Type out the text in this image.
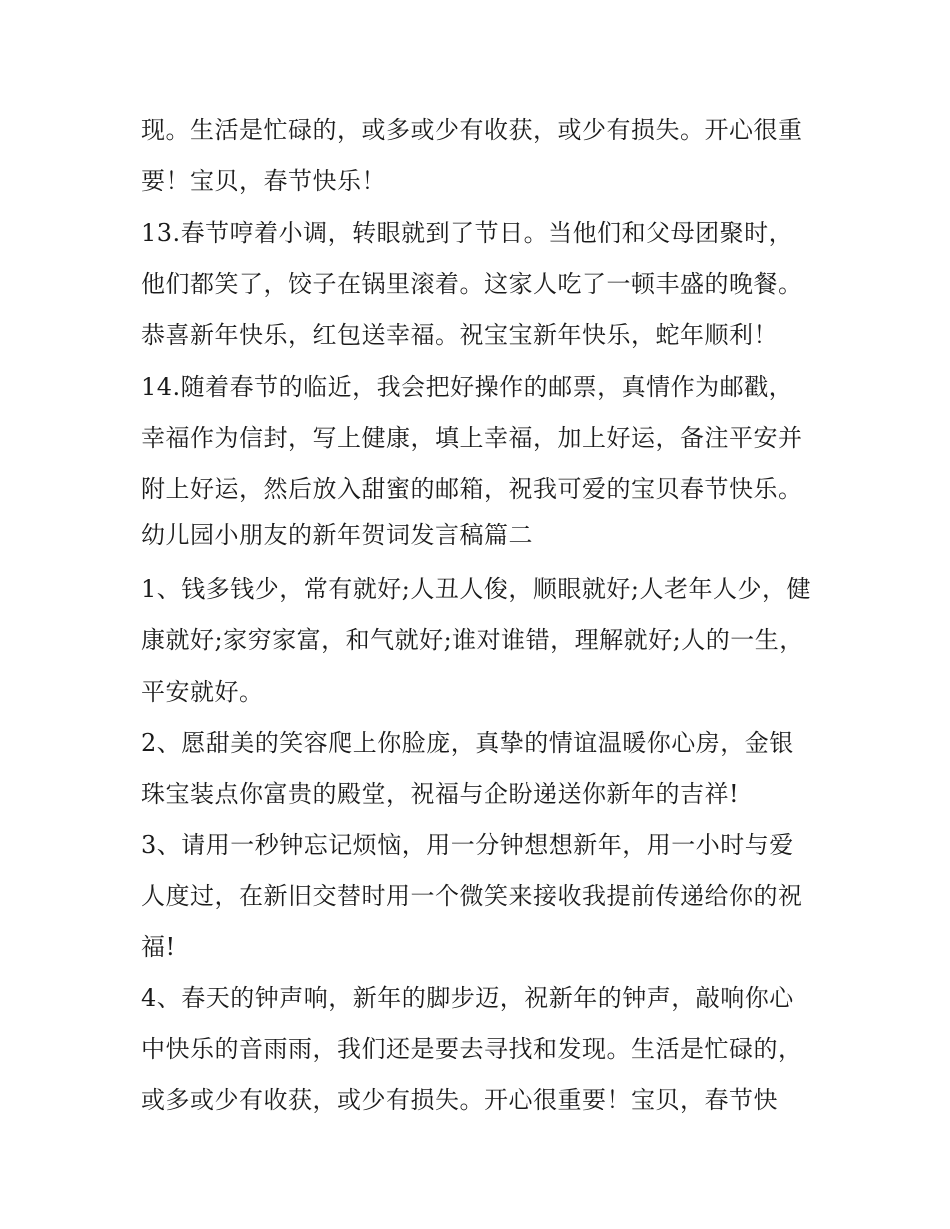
现。生活是忙碌的，或多或少有收获，或少有损失。开心很重
要！宝贝，春节快乐！
13.春节哼着小调，转眼就到了节日。当他们和父母团聚时，
他们都笑了，饺子在锅里滚着。这家人吃了一顿丰盛的晚餐。
恭喜新年快乐，红包送幸福。祝宝宝新年快乐，蛇年顺利！
14.随着春节的临近，我会把好操作的邮票，真情作为邮戳，
幸福作为信封，写上健康，填上幸福，加上好运，备注平安并
附上好运，然后放入甜蜜的邮箱，祝我可爱的宝贝春节快乐。
幼儿园小朋友的新年贺词发言稿篇二
1、钱多钱少，常有就好;人丑人俊，顺眼就好;人老年人少，健
康就好;家穷家富，和气就好;谁对谁错，理解就好;人的一生，
平安就好。
2、愿甜美的笑容爬上你脸庞，真挚的情谊温暖你心房，金银
珠宝装点你富贵的殿堂，祝福与企盼递送你新年的吉祥!
3、请用一秒钟忘记烦恼，用一分钟想想新年，用一小时与爱
人度过，在新旧交替时用一个微笑来接收我提前传递给你的祝
福!
4、春天的钟声响，新年的脚步迈，祝新年的钟声，敲响你心
中快乐的音雨雨，我们还是要去寻找和发现。生活是忙碌的，
或多或少有收获，或少有损失。开心很重要！宝贝，春节快
